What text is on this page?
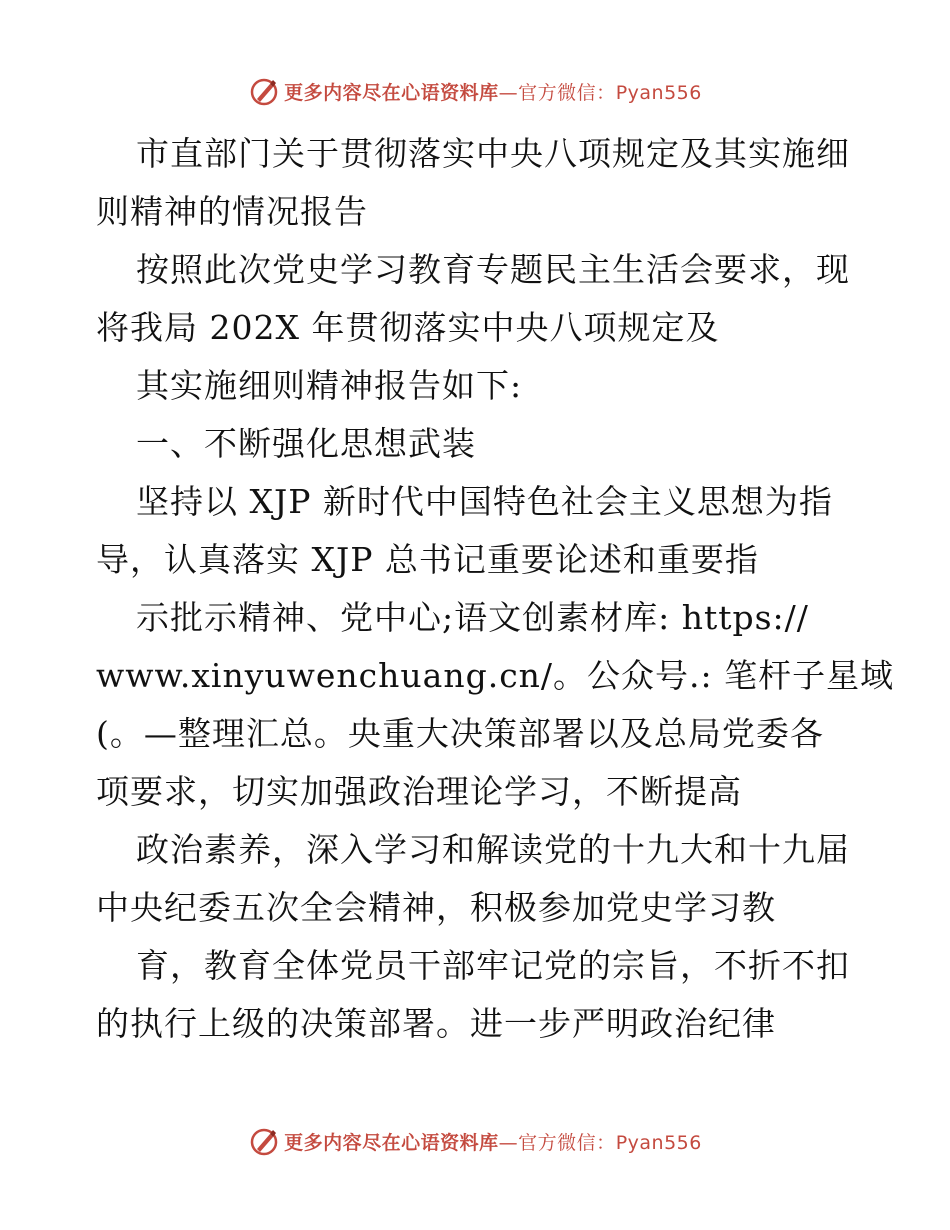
更多内容尽在心语资料库—官方微信：Pyan556
市直部门关于贯彻落实中央八项规定及其实施细
则精神的情况报告
按照此次党史学习教育专题民主生活会要求，现
将我局 202X 年贯彻落实中央八项规定及
其实施细则精神报告如下:
一、不断强化思想武装
坚持以 XJP 新时代中国特色社会主义思想为指
导，认真落实 XJP 总书记重要论述和重要指
示批示精神、党中心;语文创素材库: https://
www.xinyuwenchuang.cn/。公众号.: 笔杆子星域
(。—整理汇总。央重大决策部署以及总局党委各
项要求，切实加强政治理论学习，不断提高
政治素养，深入学习和解读党的十九大和十九届
中央纪委五次全会精神，积极参加党史学习教
育，教育全体党员干部牢记党的宗旨，不折不扣
的执行上级的决策部署。进一步严明政治纪律
更多内容尽在心语资料库—官方微信：Pyan556
